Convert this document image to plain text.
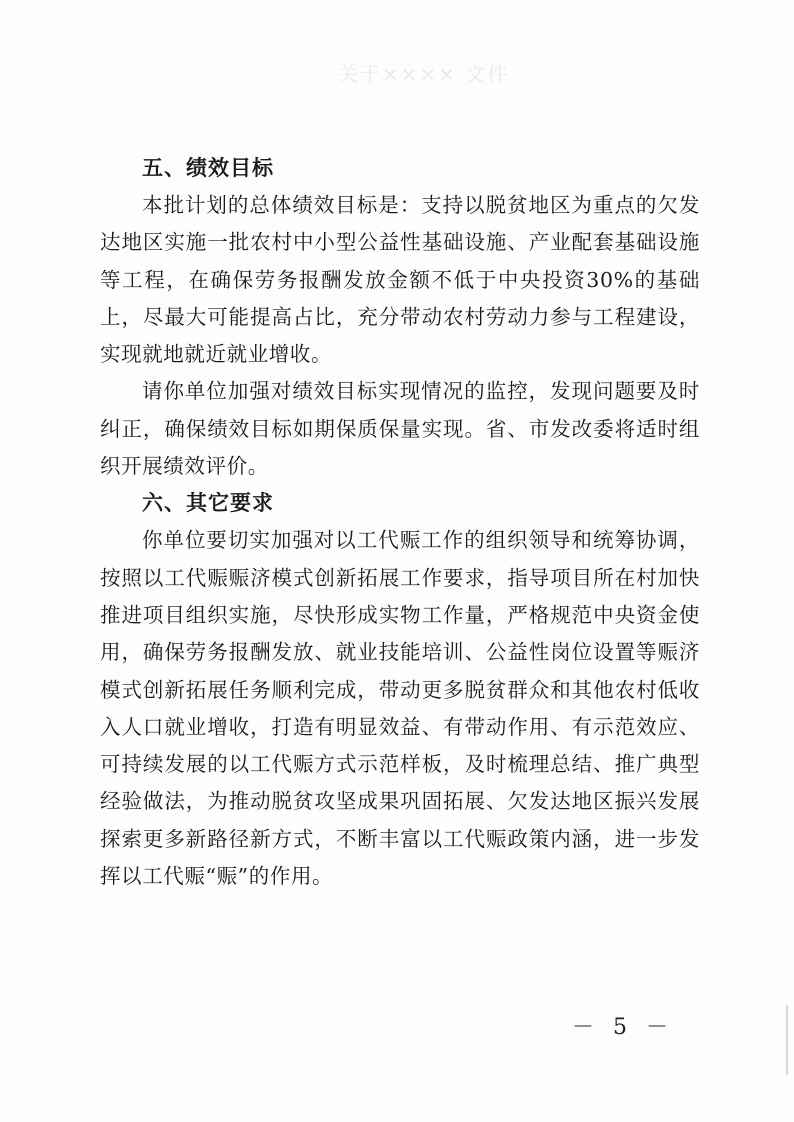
关于×××× 文件
五、绩效目标

本批计划的总体绩效目标是：支持以脱贫地区为重点的欠发达地区实施一批农村中小型公益性基础设施、产业配套基础设施等工程，在确保劳务报酬发放金额不低于中央投资30%的基础上，尽最大可能提高占比，充分带动农村劳动力参与工程建设，实现就地就近就业增收。

请你单位加强对绩效目标实现情况的监控，发现问题要及时纠正，确保绩效目标如期保质保量实现。省、市发改委将适时组织开展绩效评价。

六、其它要求

你单位要切实加强对以工代赈工作的组织领导和统筹协调，按照以工代赈赈济模式创新拓展工作要求，指导项目所在村加快推进项目组织实施，尽快形成实物工作量，严格规范中央资金使用，确保劳务报酬发放、就业技能培训、公益性岗位设置等赈济模式创新拓展任务顺利完成，带动更多脱贫群众和其他农村低收入人口就业增收，打造有明显效益、有带动作用、有示范效应、可持续发展的以工代赈方式示范样板，及时梳理总结、推广典型经验做法，为推动脱贫攻坚成果巩固拓展、欠发达地区振兴发展探索更多新路径新方式，不断丰富以工代赈政策内涵，进一步发挥以工代赈“赈”的作用。

－ 5 －
